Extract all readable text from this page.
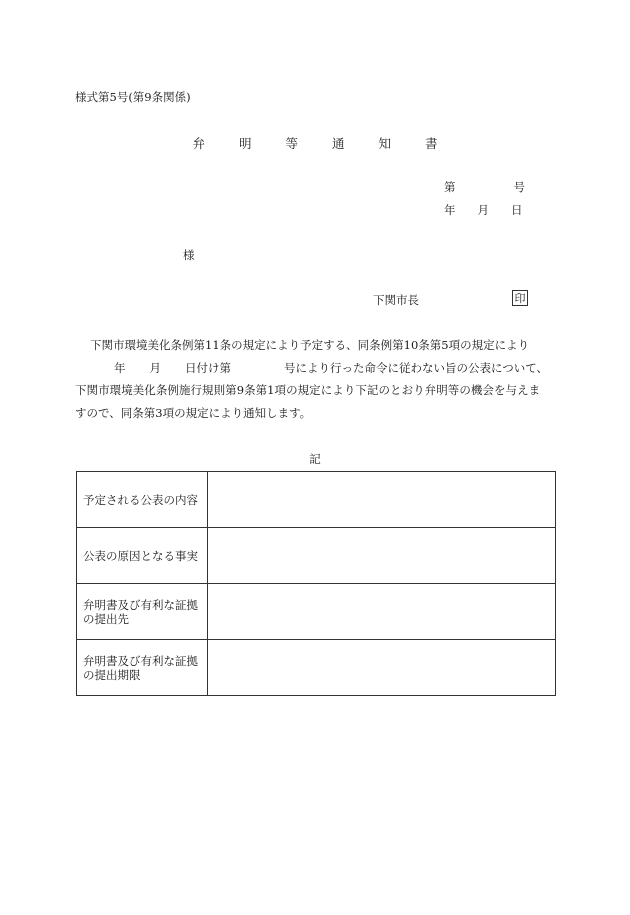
様式第5号(第9条関係)
弁	明	等	通	知	書
第	号
年 月 日
様
下関市長	印
下関市環境美化条例第11条の規定により予定する、同条例第10条第5項の規定により
年 月 日付け第	号により行った命令に従わない旨の公表について、
下関市環境美化条例施行規則第9条第1項の規定により下記のとおり弁明等の機会を与えま
すので、同条第3項の規定により通知します。
記
予定される公表の内容	
公表の原因となる事実	
弁明書及び有利な証拠の提出先	
弁明書及び有利な証拠の提出期限	
